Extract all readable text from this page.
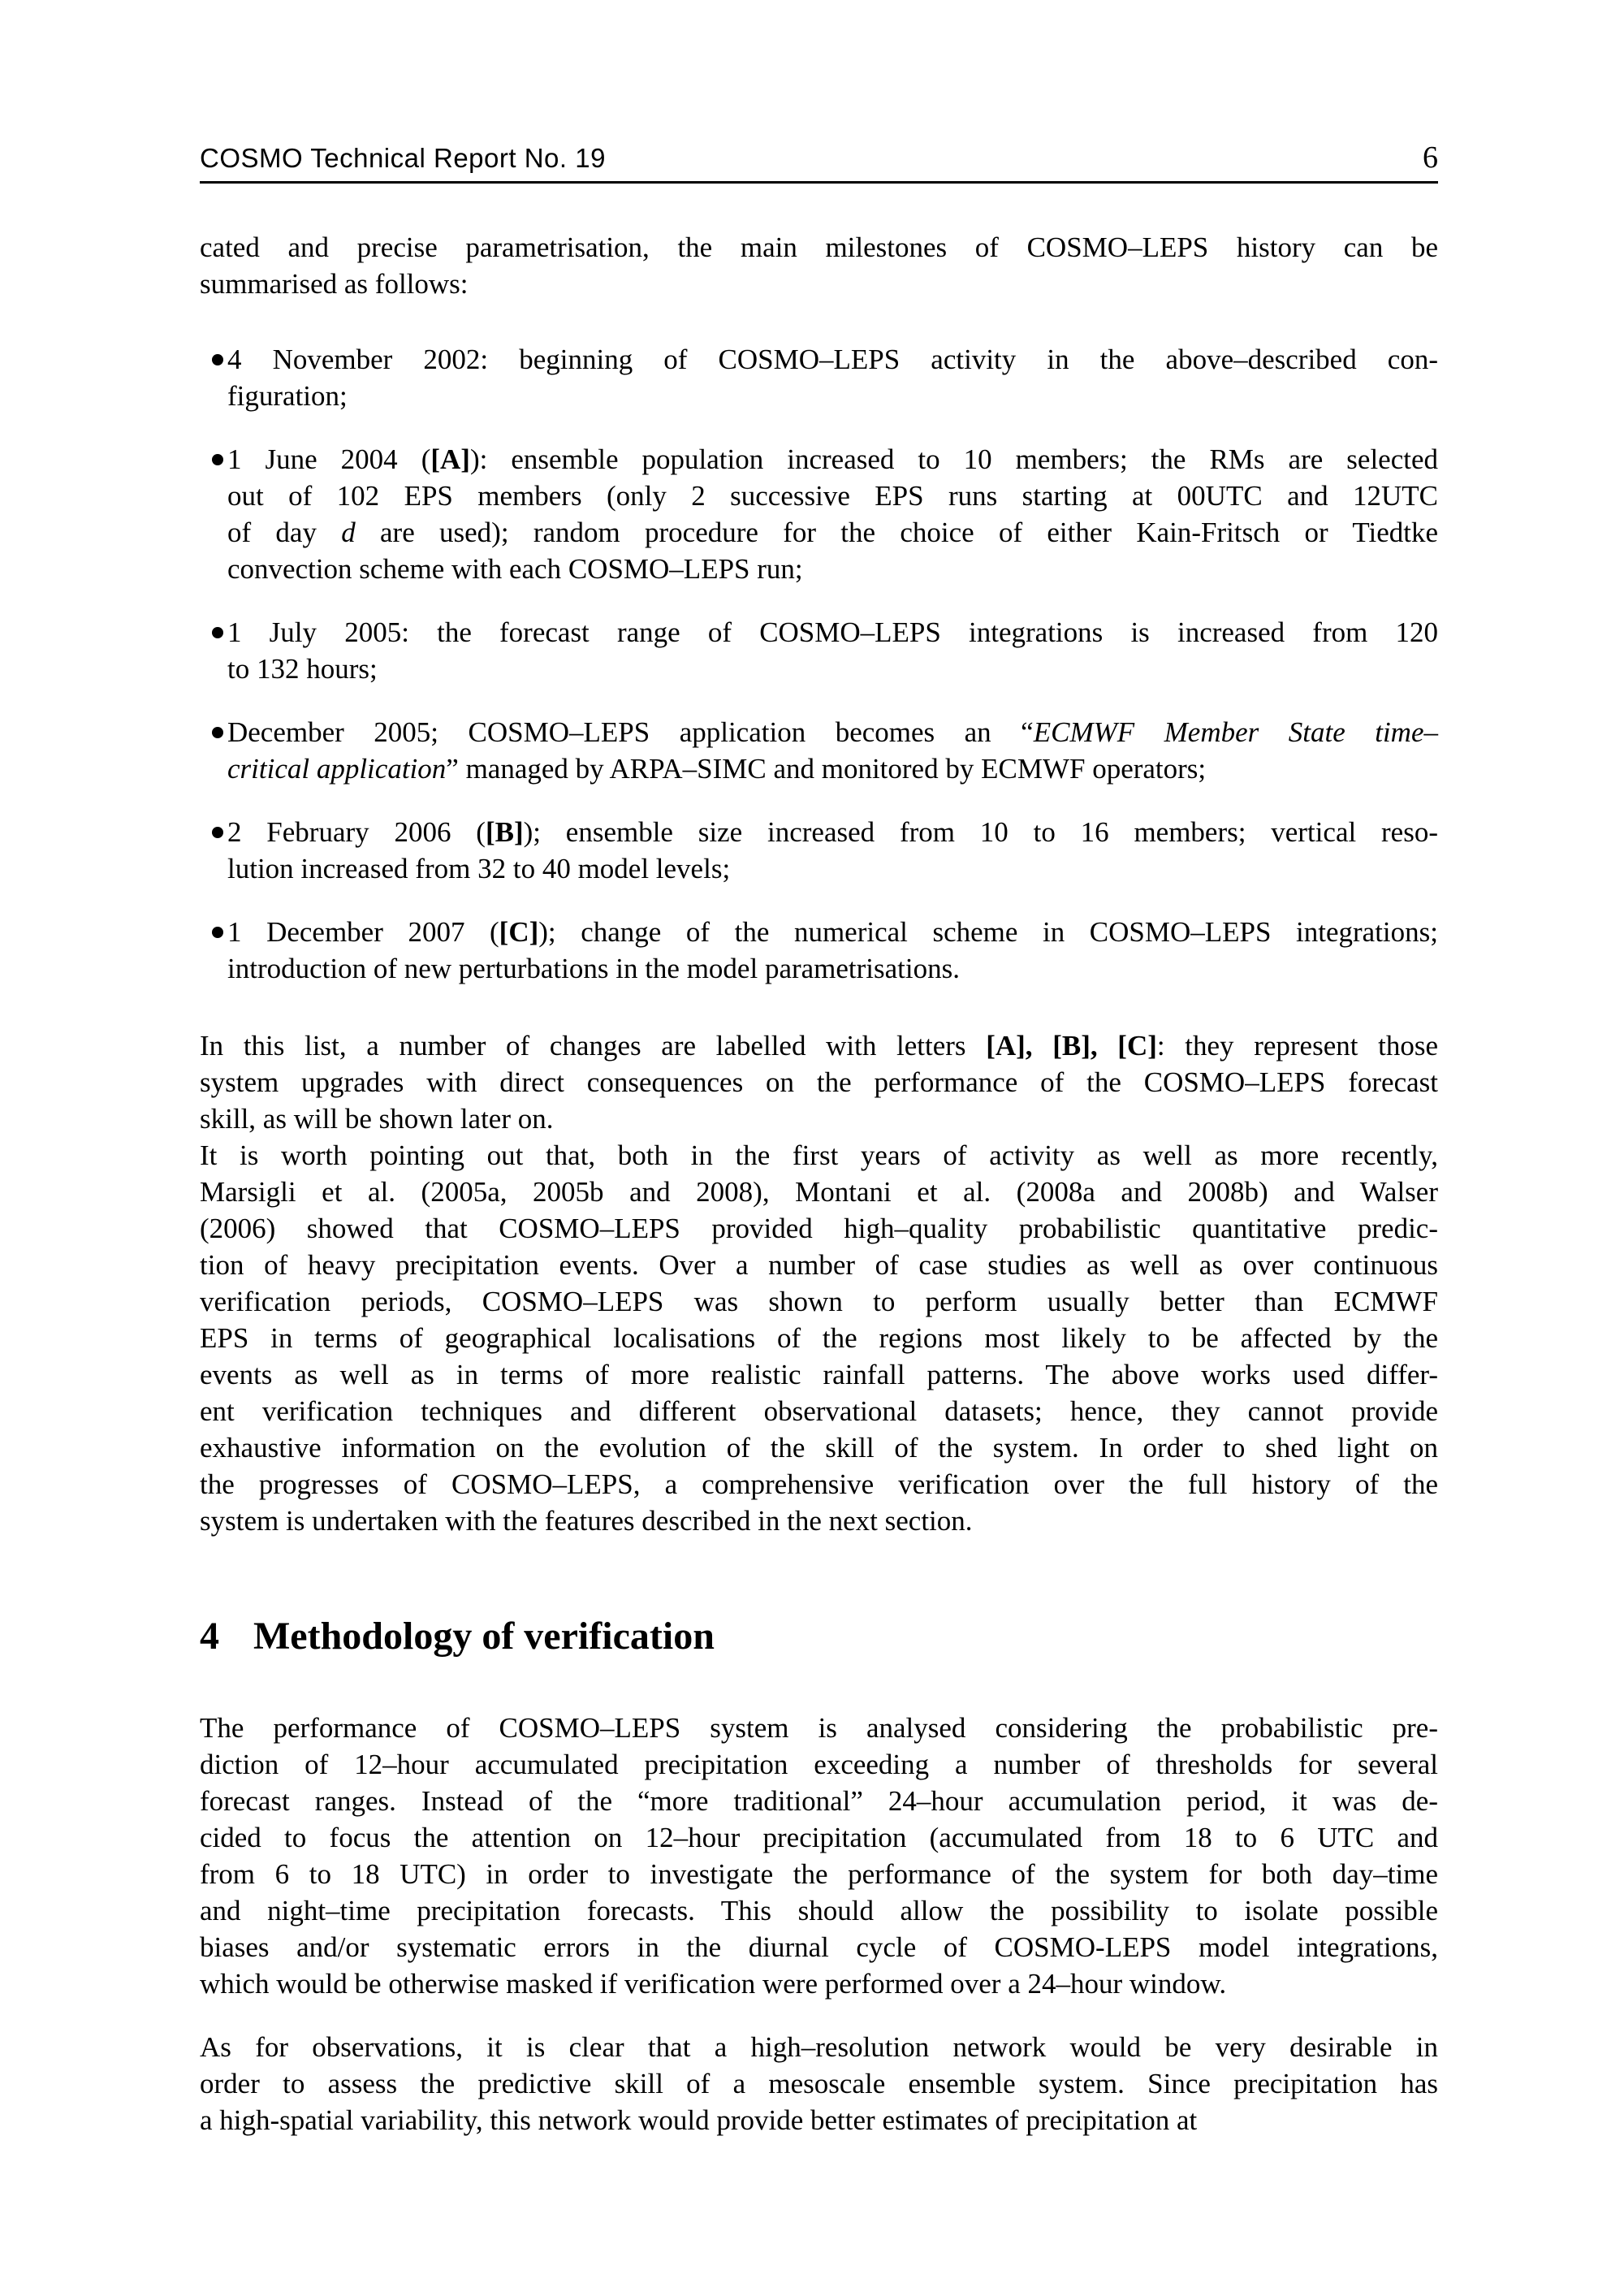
COSMO Technical Report No. 19	6
cated and precise parametrisation, the main milestones of COSMO–LEPS history can be
summarised as follows:
4 November 2002: beginning of COSMO–LEPS activity in the above–described con-
figuration;
1 June 2004 ([A]): ensemble population increased to 10 members; the RMs are selected
out of 102 EPS members (only 2 successive EPS runs starting at 00UTC and 12UTC
of day d are used); random procedure for the choice of either Kain-Fritsch or Tiedtke
convection scheme with each COSMO–LEPS run;
1 July 2005: the forecast range of COSMO–LEPS integrations is increased from 120
to 132 hours;
December 2005; COSMO–LEPS application becomes an “ECMWF Member State time–
critical application” managed by ARPA–SIMC and monitored by ECMWF operators;
2 February 2006 ([B]); ensemble size increased from 10 to 16 members; vertical reso-
lution increased from 32 to 40 model levels;
1 December 2007 ([C]); change of the numerical scheme in COSMO–LEPS integrations;
introduction of new perturbations in the model parametrisations.
In this list, a number of changes are labelled with letters [A], [B], [C]: they represent those
system upgrades with direct consequences on the performance of the COSMO–LEPS forecast
skill, as will be shown later on.
It is worth pointing out that, both in the first years of activity as well as more recently,
Marsigli et al. (2005a, 2005b and 2008), Montani et al. (2008a and 2008b) and Walser
(2006) showed that COSMO–LEPS provided high–quality probabilistic quantitative predic-
tion of heavy precipitation events. Over a number of case studies as well as over continuous
verification periods, COSMO–LEPS was shown to perform usually better than ECMWF
EPS in terms of geographical localisations of the regions most likely to be affected by the
events as well as in terms of more realistic rainfall patterns. The above works used differ-
ent verification techniques and different observational datasets; hence, they cannot provide
exhaustive information on the evolution of the skill of the system. In order to shed light on
the progresses of COSMO–LEPS, a comprehensive verification over the full history of the
system is undertaken with the features described in the next section.
4 Methodology of verification
The performance of COSMO–LEPS system is analysed considering the probabilistic pre-
diction of 12–hour accumulated precipitation exceeding a number of thresholds for several
forecast ranges. Instead of the “more traditional” 24–hour accumulation period, it was de-
cided to focus the attention on 12–hour precipitation (accumulated from 18 to 6 UTC and
from 6 to 18 UTC) in order to investigate the performance of the system for both day–time
and night–time precipitation forecasts. This should allow the possibility to isolate possible
biases and/or systematic errors in the diurnal cycle of COSMO-LEPS model integrations,
which would be otherwise masked if verification were performed over a 24–hour window.
As for observations, it is clear that a high–resolution network would be very desirable in
order to assess the predictive skill of a mesoscale ensemble system. Since precipitation has
a high-spatial variability, this network would provide better estimates of precipitation at
